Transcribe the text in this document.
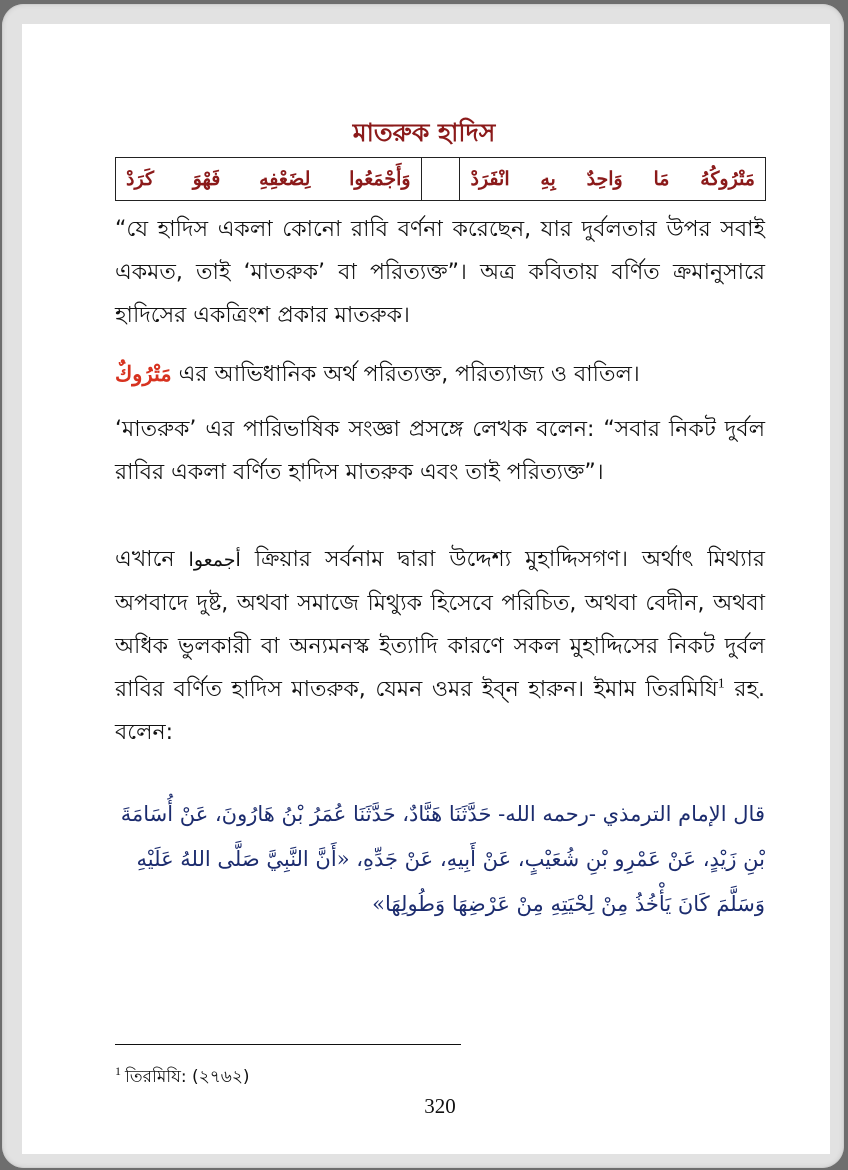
মাতরুক হাদিস
وَأَجْمَعُوا
لِضَعْفِهِ
فَهْوَ
كَرَدْ		مَتْرُوكُهُ
مَا
وَاحِدٌ
بِهِ
انْفَرَدْ
“যে হাদিস একলা কোনো রাবি বর্ণনা করেছেন, যার দুর্বলতার উপর সবাই একমত, তাই ‘মাতরুক’ বা পরিত্যক্ত”। অত্র কবিতায় বর্ণিত ক্রমানুসারে হাদিসের একত্রিংশ প্রকার মাতরুক।
مَتْرُوكٌ এর আভিধানিক অর্থ পরিত্যক্ত, পরিত্যাজ্য ও বাতিল।
‘মাতরুক’ এর পারিভাষিক সংজ্ঞা প্রসঙ্গে লেখক বলেন: “সবার নিকট দুর্বল রাবির একলা বর্ণিত হাদিস মাতরুক এবং তাই পরিত্যক্ত”।
এখানে أجمعوا ক্রিয়ার সর্বনাম দ্বারা উদ্দেশ্য মুহাদ্দিসগণ। অর্থাৎ মিথ্যার অপবাদে দুষ্ট, অথবা সমাজে মিথ্যুক হিসেবে পরিচিত, অথবা বেদীন, অথবা অধিক ভুলকারী বা অন্যমনস্ক ইত্যাদি কারণে সকল মুহাদ্দিসের নিকট দুর্বল রাবির বর্ণিত হাদিস মাতরুক, যেমন ওমর ইব্‌ন হারুন। ইমাম তিরমিযি$^1$ রহ. বলেন:
قال الإمام الترمذي -رحمه الله- حَدَّثَنَا هَنَّادٌ، حَدَّثَنَا عُمَرُ بْنُ هَارُونَ، عَنْ أُسَامَةَ بْنِ زَيْدٍ، عَنْ عَمْرِو بْنِ شُعَيْبٍ، عَنْ أَبِيهِ، عَنْ جَدِّهِ، «أَنَّ النَّبِيَّ صَلَّى اللهُ عَلَيْهِ وَسَلَّمَ كَانَ يَأْخُذُ مِنْ لِحْيَتِهِ مِنْ عَرْضِهَا وَطُولِهَا»
$^1$ তিরমিযি: (২৭৬২)
320
